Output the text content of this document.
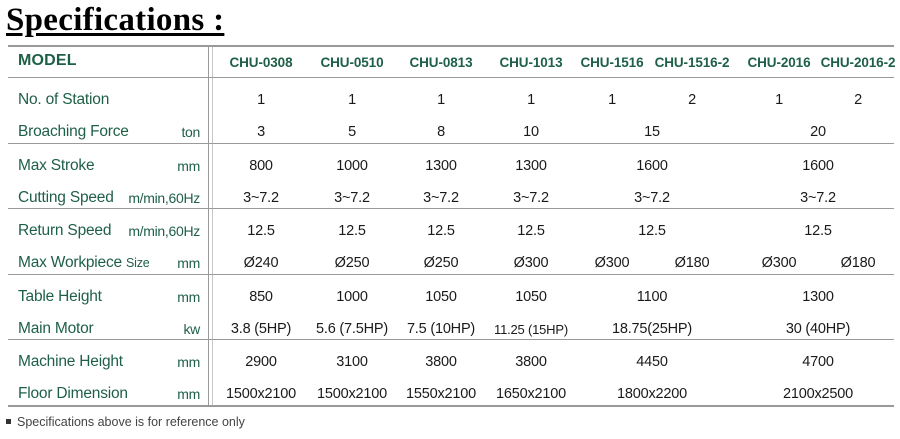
Specifications :
MODEL	CHU-0308 CHU-0510 CHU-0813 CHU-1013 CHU-1516 CHU-1516-2 CHU-2016 CHU-2016-2
No. of Station	1	1	1	1	1	2	1	2
Broaching Force	ton	3	5	8	10	15	20
Max Stroke	mm	800	1000	1300	1300	1600	1600
Cutting Speed m/min,60Hz	3~7.2	3~7.2	3~7.2	3~7.2	3~7.2	3~7.2
Return Speed m/min,60Hz	12.5	12.5	12.5	12.5	12.5	12.5
Max Workpiece Size mm	Ø240	Ø250	Ø250	Ø300	Ø300	Ø180	Ø300	Ø180
Table Height	mm	850	1000	1050	1050	1100	1300
Main Motor	kw 3.8 (5HP) 5.6 (7.5HP) 7.5 (10HP) 11.25 (15HP)	18.75(25HP)	30 (40HP)
Machine Height	mm	2900	3100	3800	3800	4450	4700
Floor Dimension	mm 1500x2100 1500x2100 1550x2100 1650x2100	1800x2200	2100x2500
Specifications above is for reference only
